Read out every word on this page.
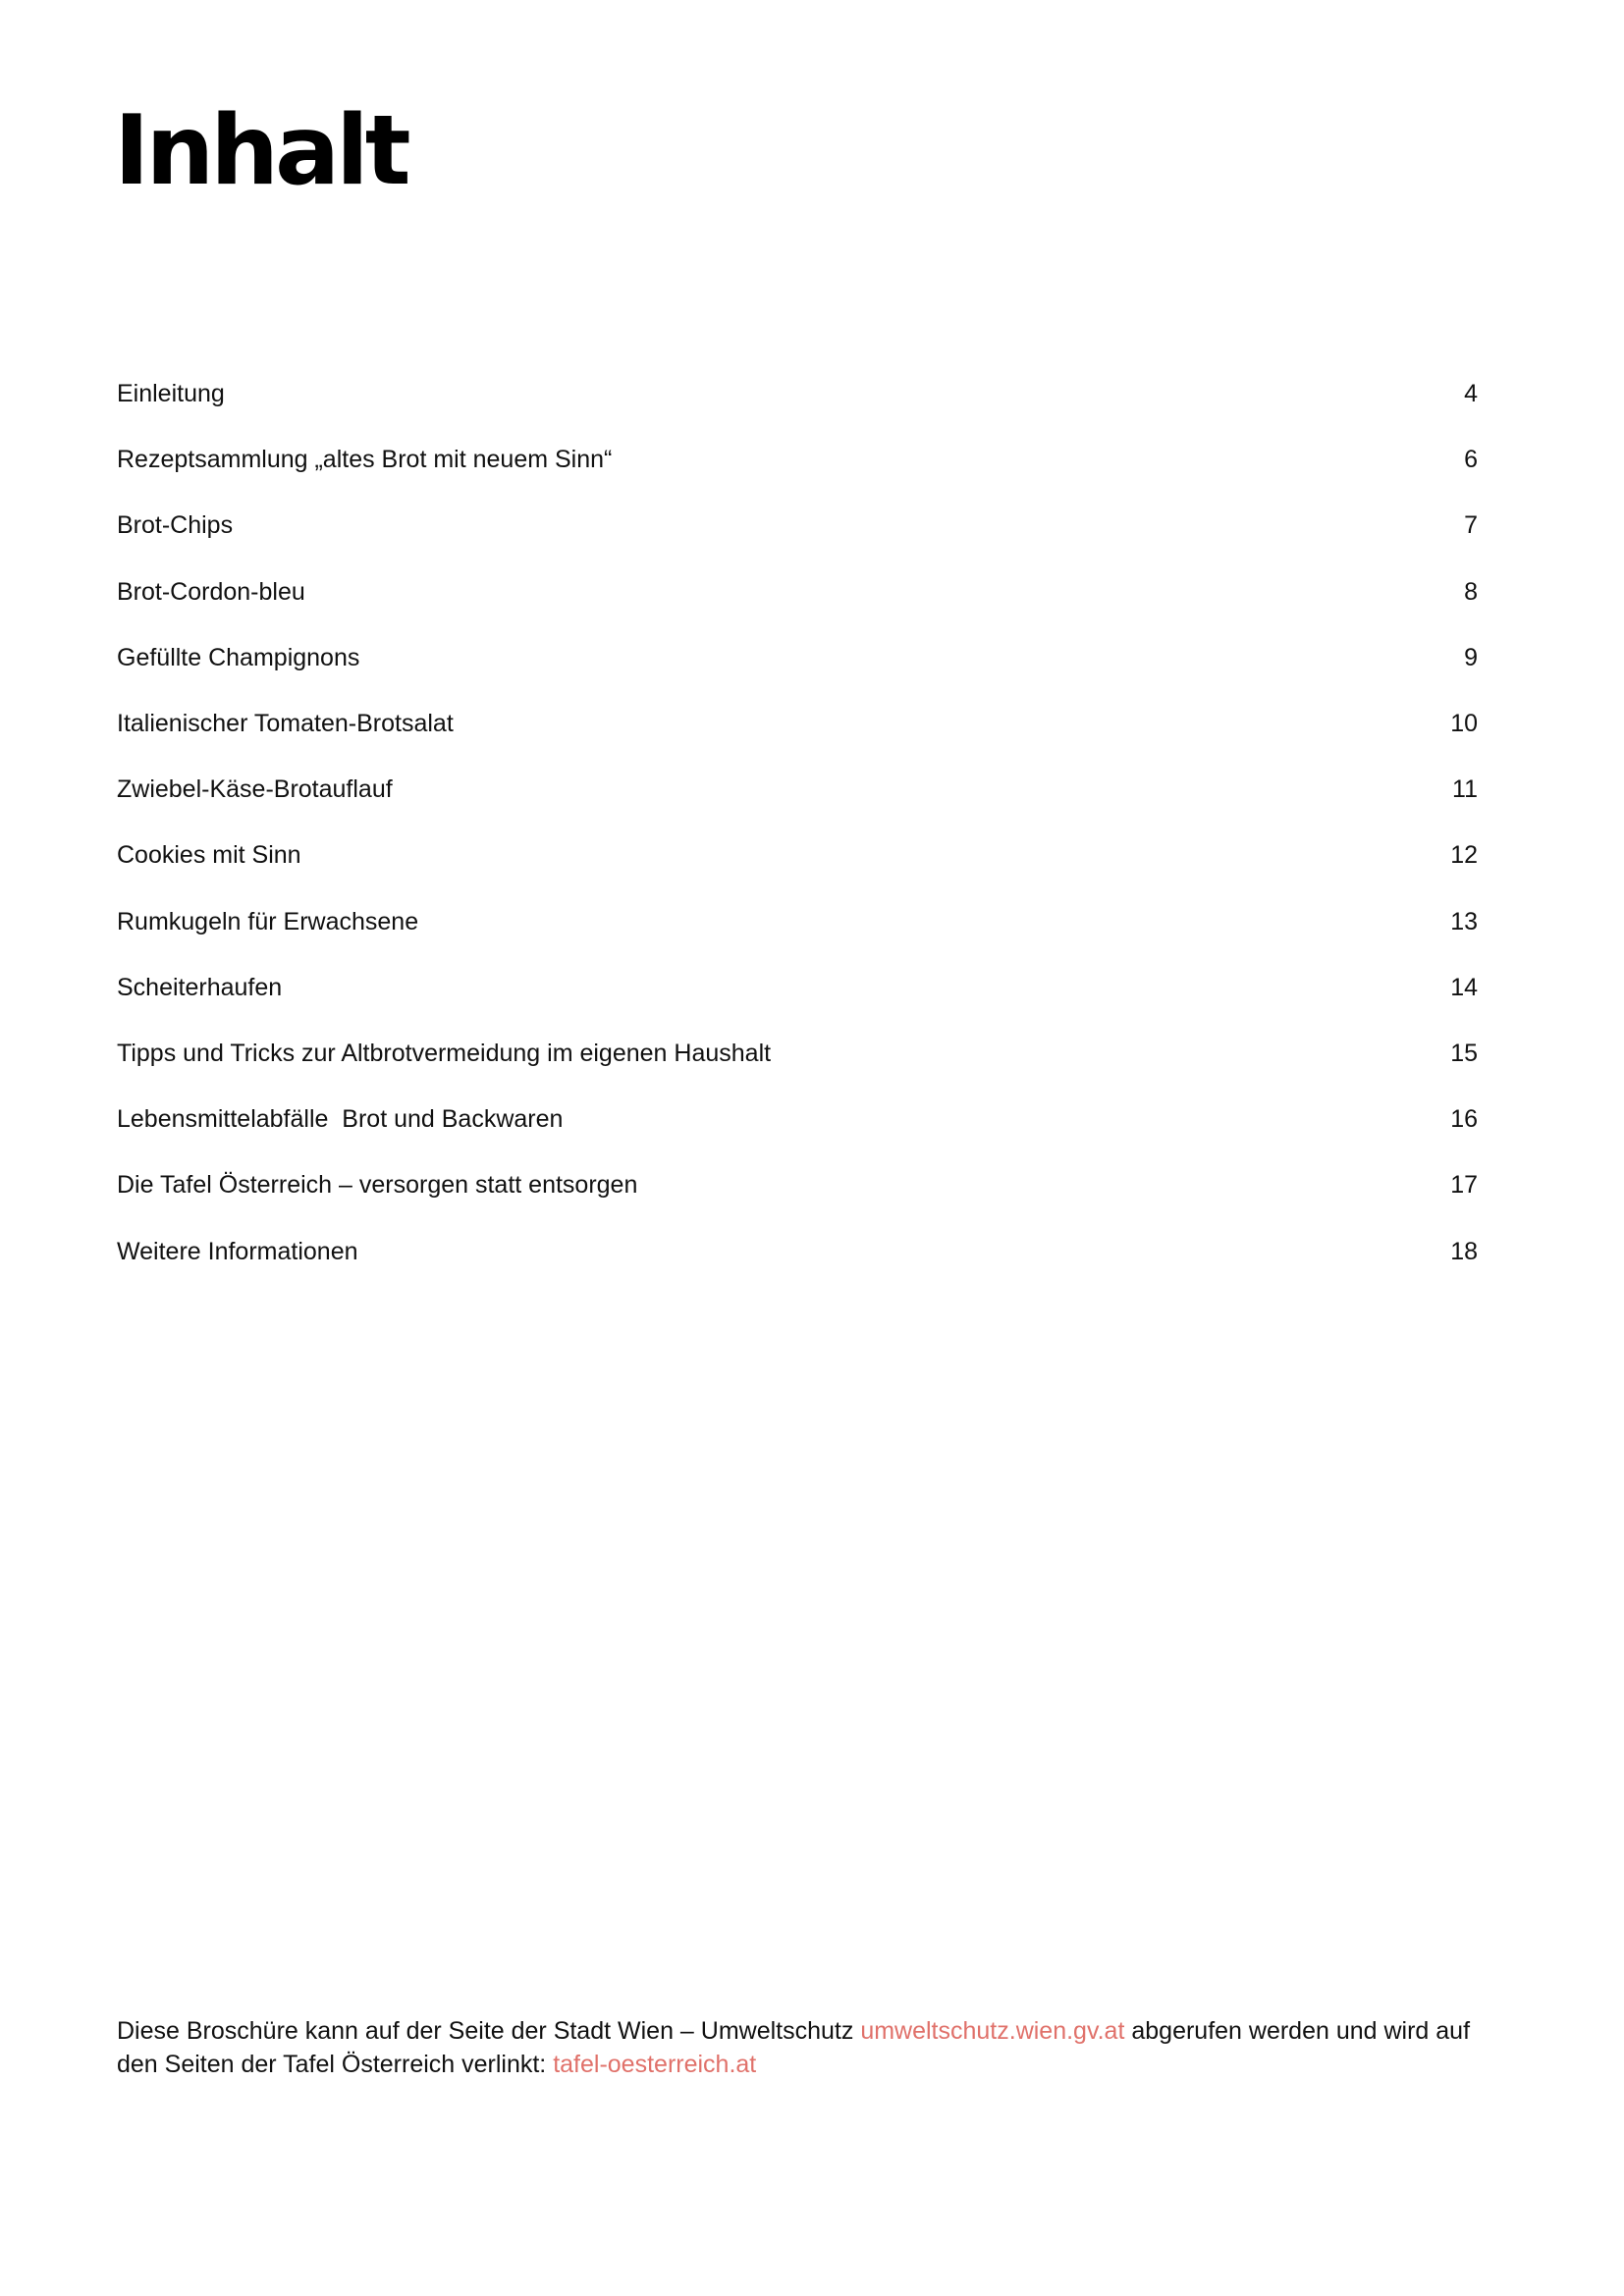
Inhalt
Einleitung	4
Rezeptsammlung „altes Brot mit neuem Sinn“	6
Brot-Chips	7
Brot-Cordon-bleu	8
Gefüllte Champignons	9
Italienischer Tomaten-Brotsalat	10
Zwiebel-Käse-Brotauflauf	11
Cookies mit Sinn	12
Rumkugeln für Erwachsene	13
Scheiterhaufen	14
Tipps und Tricks zur Altbrotvermeidung im eigenen Haushalt	15
Lebensmittelabfälle  Brot und Backwaren	16
Die Tafel Österreich – versorgen statt entsorgen	17
Weitere Informationen	18

Diese Broschüre kann auf der Seite der Stadt Wien – Umweltschutz umweltschutz.wien.gv.at abgerufen werden und wird auf den Seiten der Tafel Österreich verlinkt: tafel-oesterreich.at
